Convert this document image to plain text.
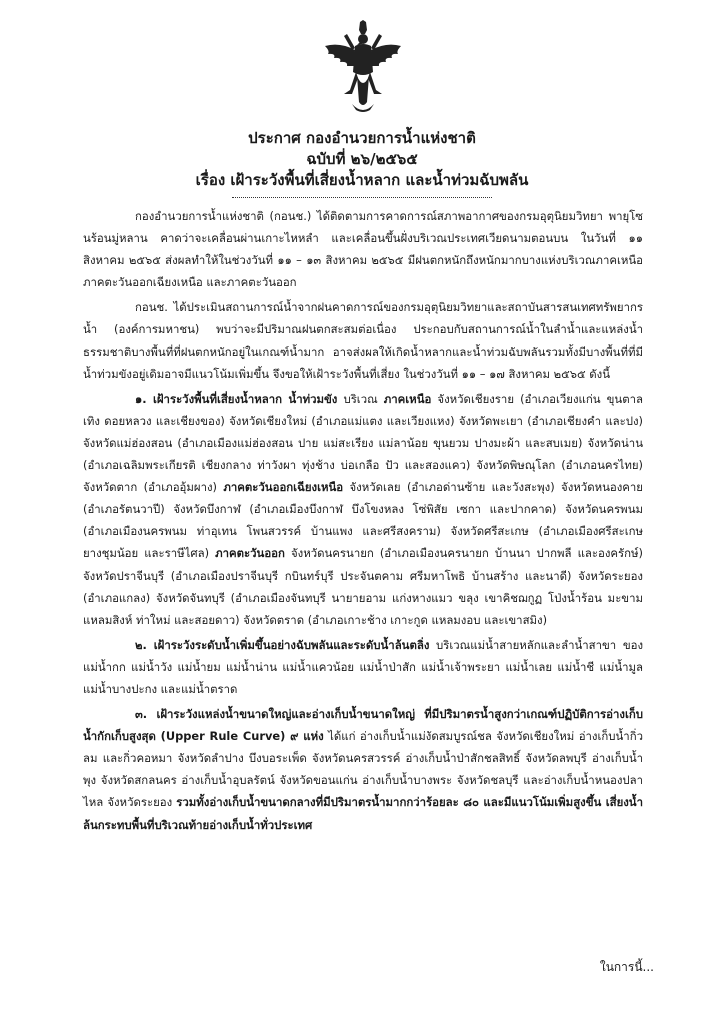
ประกาศ กองอำนวยการน้ำแห่งชาติ
ฉบับที่ ๒๖/๒๕๖๕
เรื่อง เฝ้าระวังพื้นที่เสี่ยงน้ำหลาก และน้ำท่วมฉับพลัน

กองอำนวยการน้ำแห่งชาติ (กอนช.) ได้ติดตามการคาดการณ์สภาพอากาศของกรมอุตุนิยมวิทยา พายุโซนร้อนมู่หลาน คาดว่าจะเคลื่อนผ่านเกาะไหหลำ และเคลื่อนขึ้นฝั่งบริเวณประเทศเวียดนามตอนบน ในวันที่ ๑๑ สิงหาคม ๒๕๖๕ ส่งผลทำให้ในช่วงวันที่ ๑๑ – ๑๓ สิงหาคม ๒๕๖๕ มีฝนตกหนักถึงหนักมากบางแห่งบริเวณภาคเหนือ ภาคตะวันออกเฉียงเหนือ และภาคตะวันออก

กอนช. ได้ประเมินสถานการณ์น้ำจากฝนคาดการณ์ของกรมอุตุนิยมวิทยาและสถาบันสารสนเทศทรัพยากรน้ำ (องค์การมหาชน) พบว่าจะมีปริมาณฝนตกสะสมต่อเนื่อง ประกอบกับสถานการณ์น้ำในลำน้ำและแหล่งน้ำธรรมชาติบางพื้นที่ที่ฝนตกหนักอยู่ในเกณฑ์น้ำมาก อาจส่งผลให้เกิดน้ำหลากและน้ำท่วมฉับพลันรวมทั้งมีบางพื้นที่ที่มีน้ำท่วมขังอยู่เดิมอาจมีแนวโน้มเพิ่มขึ้น จึงขอให้เฝ้าระวังพื้นที่เสี่ยง ในช่วงวันที่ ๑๑ – ๑๗ สิงหาคม ๒๕๖๕ ดังนี้

๑. เฝ้าระวังพื้นที่เสี่ยงน้ำหลาก น้ำท่วมขัง บริเวณ ภาคเหนือ จังหวัดเชียงราย (อำเภอเวียงแก่น ขุนตาล เทิง ดอยหลวง และเชียงของ) จังหวัดเชียงใหม่ (อำเภอแม่แตง และเวียงแหง) จังหวัดพะเยา (อำเภอเชียงคำ และปง) จังหวัดแม่ฮ่องสอน (อำเภอเมืองแม่ฮ่องสอน ปาย แม่สะเรียง แม่ลาน้อย ขุนยวม ปางมะผ้า และสบเมย) จังหวัดน่าน (อำเภอเฉลิมพระเกียรติ เชียงกลาง ท่าวังผา ทุ่งช้าง บ่อเกลือ ปัว และสองแคว) จังหวัดพิษณุโลก (อำเภอนครไทย) จังหวัดตาก (อำเภออุ้มผาง) ภาคตะวันออกเฉียงเหนือ จังหวัดเลย (อำเภอด่านซ้าย และวังสะพุง) จังหวัดหนองคาย (อำเภอรัตนวาปี) จังหวัดบึงกาฬ (อำเภอเมืองบึงกาฬ บึงโขงหลง โซ่พิสัย เซกา และปากคาด) จังหวัดนครพนม (อำเภอเมืองนครพนม ท่าอุเทน โพนสวรรค์ บ้านแพง และศรีสงคราม) จังหวัดศรีสะเกษ (อำเภอเมืองศรีสะเกษ ยางชุมน้อย และราษีไศล) ภาคตะวันออก จังหวัดนครนายก (อำเภอเมืองนครนายก บ้านนา ปากพลี และองครักษ์) จังหวัดปราจีนบุรี (อำเภอเมืองปราจีนบุรี กบินทร์บุรี ประจันตคาม ศรีมหาโพธิ บ้านสร้าง และนาดี) จังหวัดระยอง (อำเภอแกลง) จังหวัดจันทบุรี (อำเภอเมืองจันทบุรี นายายอาม แก่งหางแมว ขลุง เขาคิชฌกูฏ โป่งน้ำร้อน มะขาม แหลมสิงห์ ท่าใหม่ และสอยดาว) จังหวัดตราด (อำเภอเกาะช้าง เกาะกูด แหลมงอบ และเขาสมิง)

๒. เฝ้าระวังระดับน้ำเพิ่มขึ้นอย่างฉับพลันและระดับน้ำล้นตลิ่ง บริเวณแม่น้ำสายหลักและลำน้ำสาขา ของแม่น้ำกก แม่น้ำวัง แม่น้ำยม แม่น้ำน่าน แม่น้ำแควน้อย แม่น้ำป่าสัก แม่น้ำเจ้าพระยา แม่น้ำเลย แม่น้ำชี แม่น้ำมูล แม่น้ำบางปะกง และแม่น้ำตราด

๓. เฝ้าระวังแหล่งน้ำขนาดใหญ่และอ่างเก็บน้ำขนาดใหญ่ ที่มีปริมาตรน้ำสูงกว่าเกณฑ์ปฏิบัติการอ่างเก็บน้ำกักเก็บสูงสุด (Upper Rule Curve) ๙ แห่ง ได้แก่ อ่างเก็บน้ำแม่งัดสมบูรณ์ชล จังหวัดเชียงใหม่ อ่างเก็บน้ำกิ่วลม และกิ่วคอหมา จังหวัดลำปาง บึงบอระเพ็ด จังหวัดนครสวรรค์ อ่างเก็บน้ำป่าสักชลสิทธิ์ จังหวัดลพบุรี อ่างเก็บน้ำพุง จังหวัดสกลนคร อ่างเก็บน้ำอุบลรัตน์ จังหวัดขอนแก่น อ่างเก็บน้ำบางพระ จังหวัดชลบุรี และอ่างเก็บน้ำหนองปลาไหล จังหวัดระยอง รวมทั้งอ่างเก็บน้ำขนาดกลางที่มีปริมาตรน้ำมากกว่าร้อยละ ๘๐ และมีแนวโน้มเพิ่มสูงขึ้น เสี่ยงน้ำล้นกระทบพื้นที่บริเวณท้ายอ่างเก็บน้ำทั่วประเทศ

ในการนี้...
